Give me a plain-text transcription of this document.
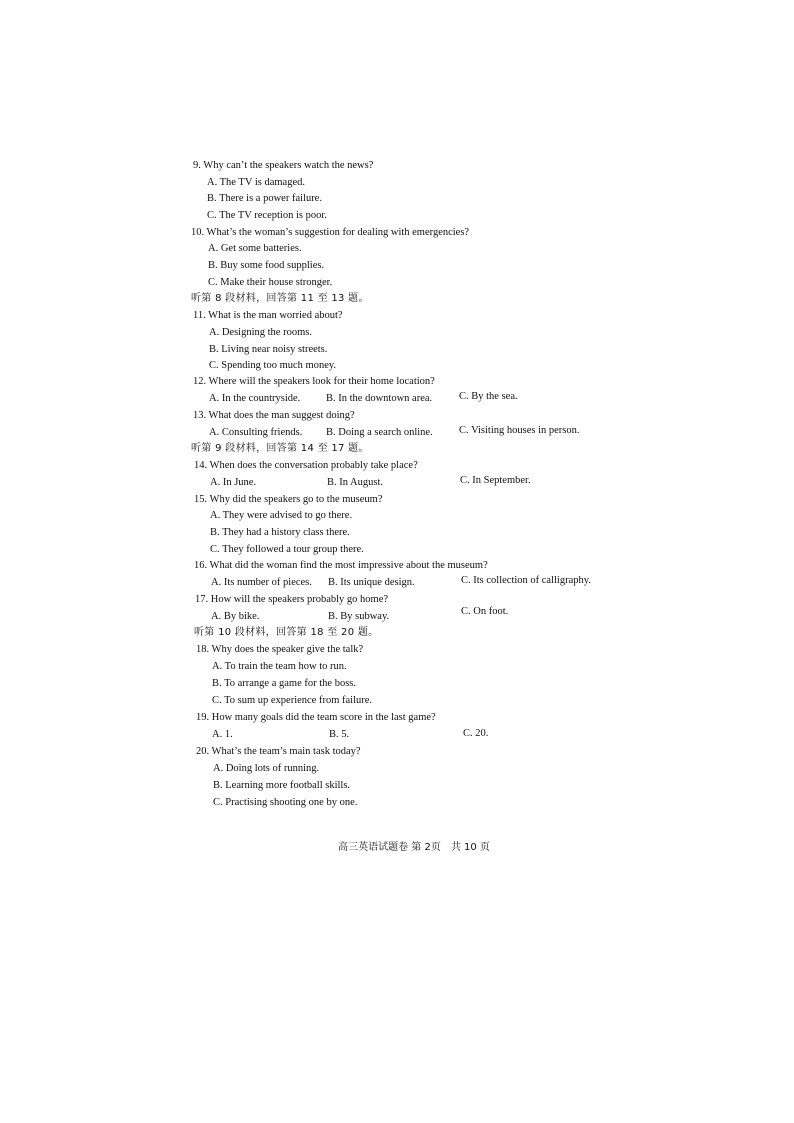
9. Why can’t the speakers watch the news?
A. The TV is damaged.
B. There is a power failure.
C. The TV reception is poor.
10. What’s the woman’s suggestion for dealing with emergencies?
A. Get some batteries.
B. Buy some food supplies.
C. Make their house stronger.
听第 8 段材料，回答第 11 至 13 题。
11. What is the man worried about?
A. Designing the rooms.
B. Living near noisy streets.
C. Spending too much money.
12. Where will the speakers look for their home location?
A. In the countryside. B. In the downtown area.	C. By the sea.
13. What does the man suggest doing?
A. Consulting friends. B. Doing a search online.	C. Visiting houses in person.
听第 9 段材料，回答第 14 至 17 题。
14. When does the conversation probably take place?
A. In June.	B. In August.	C. In September.
15. Why did the speakers go to the museum?
A. They were advised to go there.
B. They had a history class there.
C. They followed a tour group there.
16. What did the woman find the most impressive about the museum?
A. Its number of pieces. B. Its unique design.	C. Its collection of calligraphy.
17. How will the speakers probably go home?
A. By bike.	B. By subway.	C. On foot.
听第 10 段材料，回答第 18 至 20 题。
18. Why does the speaker give the talk?
A. To train the team how to run.
B. To arrange a game for the boss.
C. To sum up experience from failure.
19. How many goals did the team score in the last game?
A. 1.	B. 5.	C. 20.
20. What’s the team’s main task today?
A. Doing lots of running.
B. Learning more football skills.
C. Practising shooting one by one.
高三英语试题卷 第 2页　共 10 页
